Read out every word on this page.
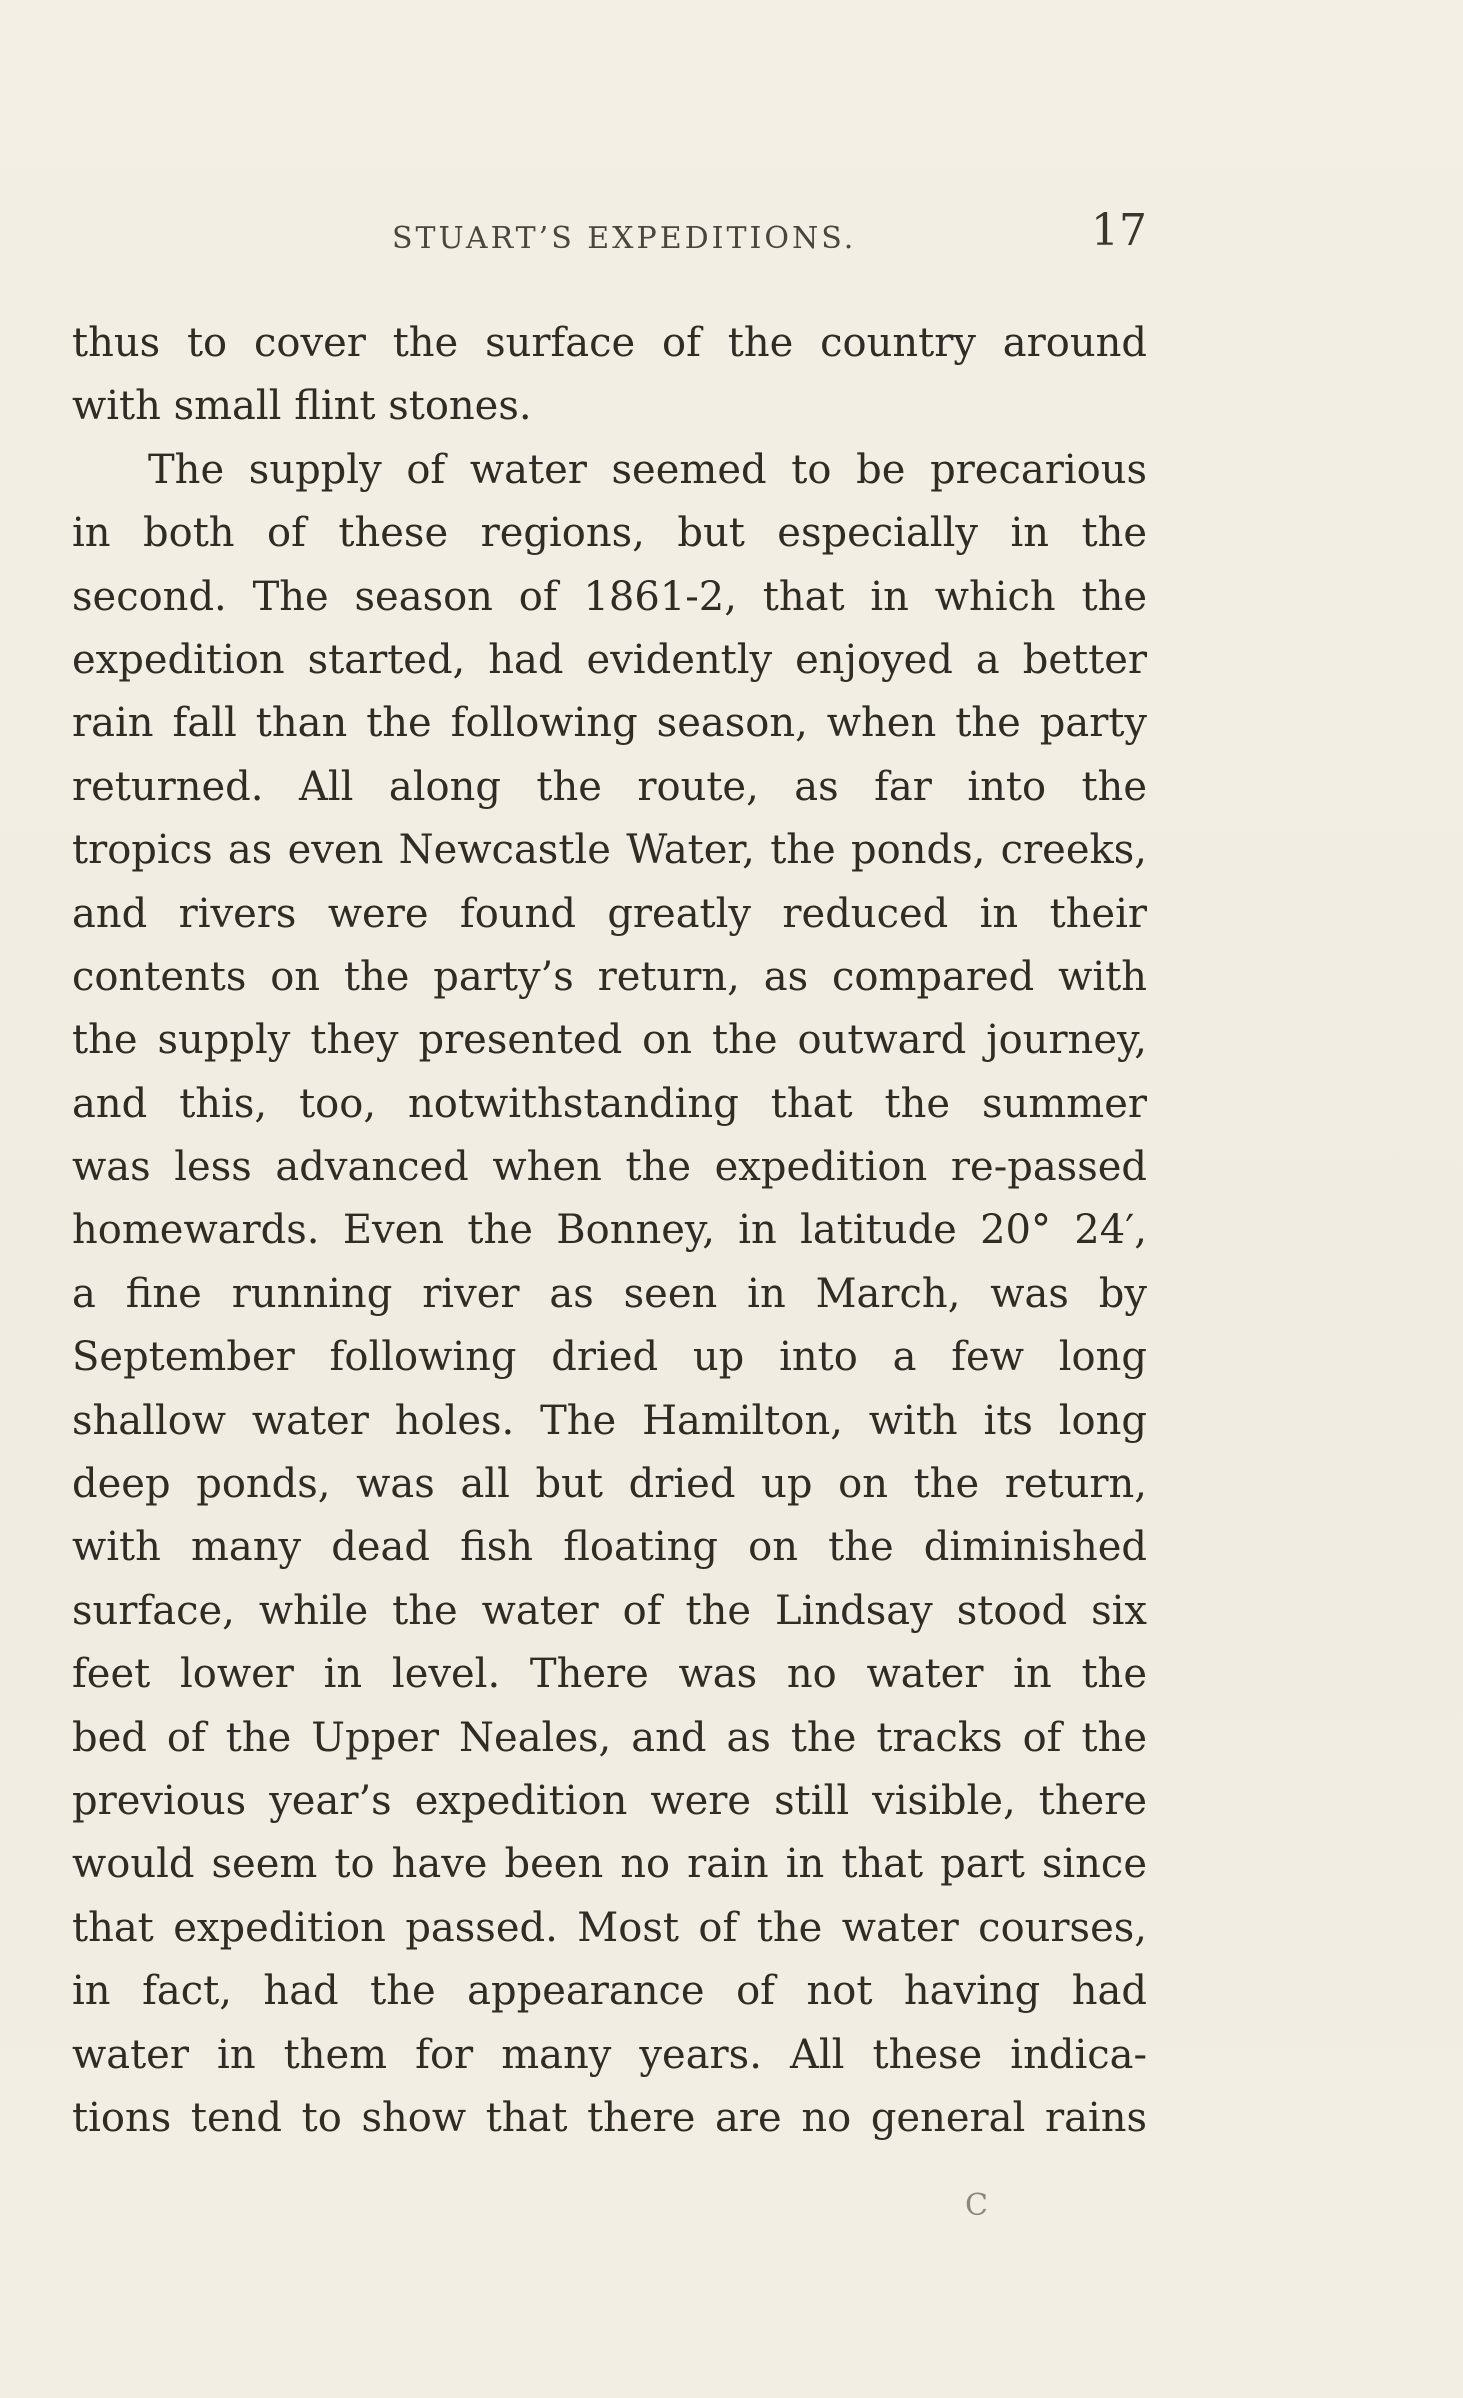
STUART’S EXPEDITIONS.	17
thus to cover the surface of the country around
with small flint stones.
The supply of water seemed to be precarious
in both of these regions, but especially in the
second. The season of 1861-2, that in which the
expedition started, had evidently enjoyed a better
rain fall than the following season, when the party
returned. All along the route, as far into the
tropics as even Newcastle Water, the ponds, creeks,
and rivers were found greatly reduced in their
contents on the party’s return, as compared with
the supply they presented on the outward journey,
and this, too, notwithstanding that the summer
was less advanced when the expedition re-passed
homewards. Even the Bonney, in latitude 20° 24′,
a fine running river as seen in March, was by
September following dried up into a few long
shallow water holes. The Hamilton, with its long
deep ponds, was all but dried up on the return,
with many dead fish floating on the diminished
surface, while the water of the Lindsay stood six
feet lower in level. There was no water in the
bed of the Upper Neales, and as the tracks of the
previous year’s expedition were still visible, there
would seem to have been no rain in that part since
that expedition passed. Most of the water courses,
in fact, had the appearance of not having had
water in them for many years. All these indica-
tions tend to show that there are no general rains
C
